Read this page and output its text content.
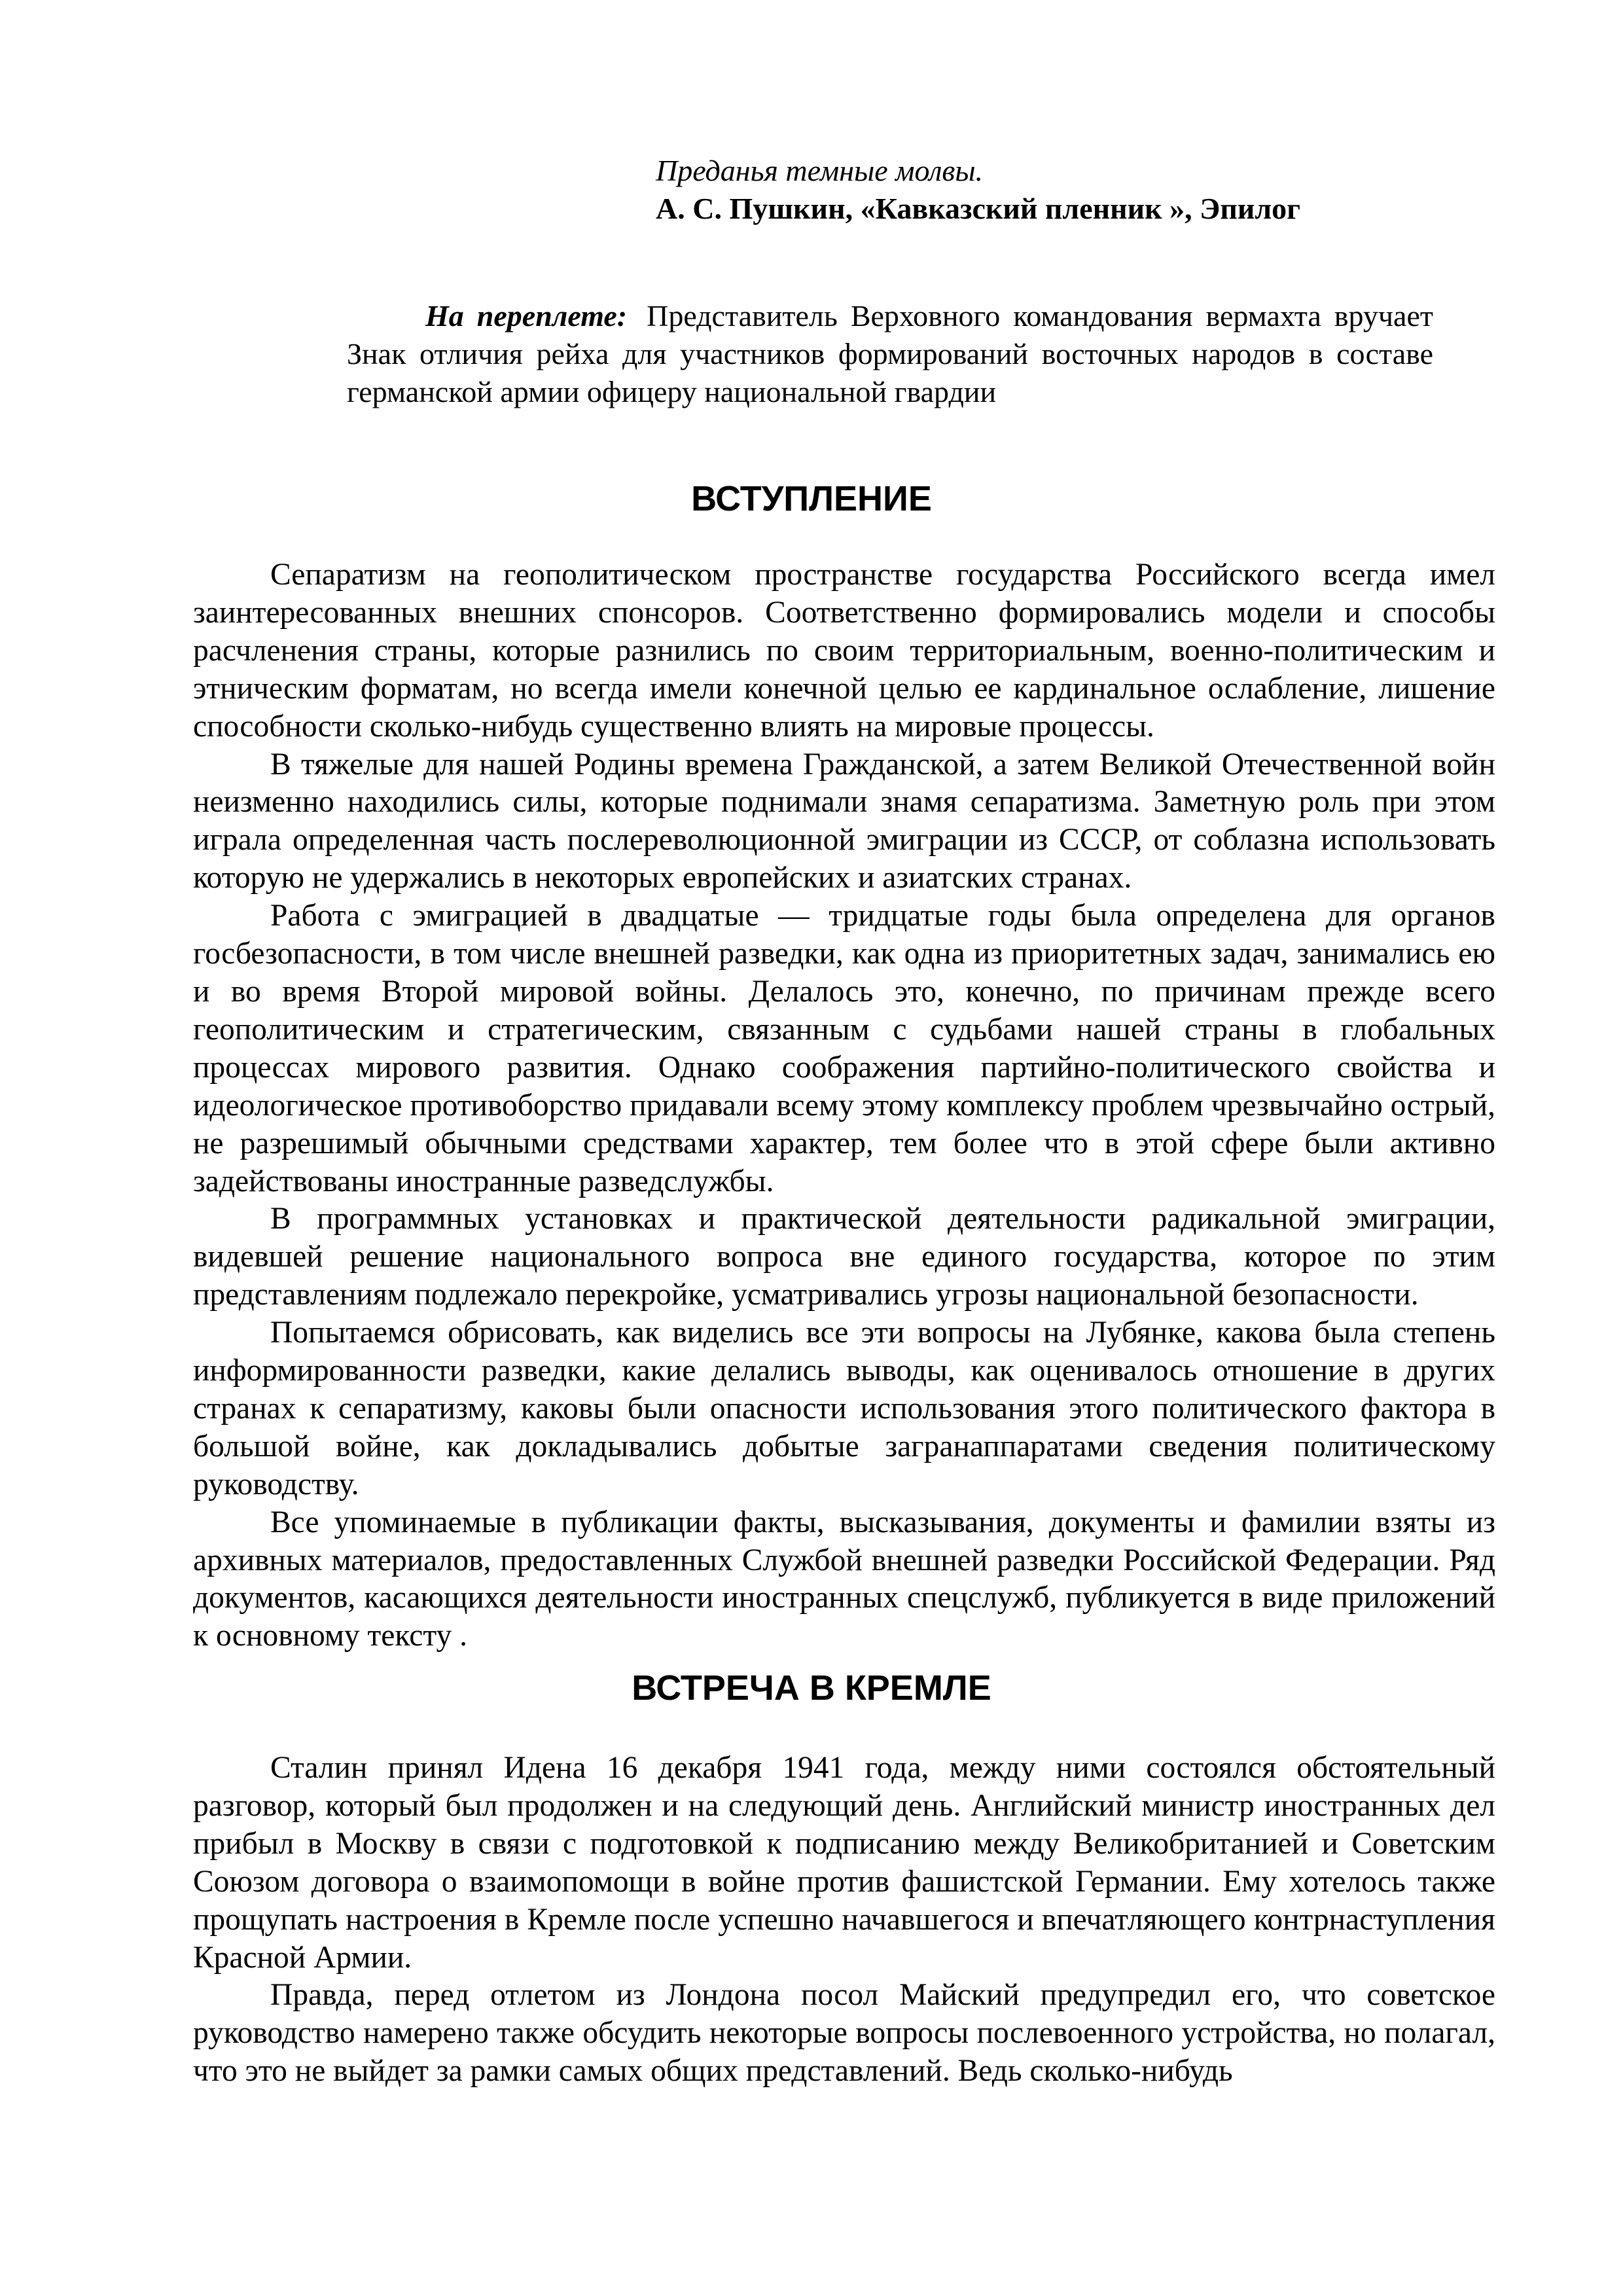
Преданья темные молвы.
А. С. Пушкин, «Кавказский пленник », Эпилог
На переплете: Представитель Верховного командования вермахта вручает Знак отличия рейха для участников формирований восточных народов в составе германской армии офицеру национальной гвардии
ВСТУПЛЕНИЕ

Сепаратизм на геополитическом пространстве государства Российского всегда имел заинтересованных внешних спонсоров. Соответственно формировались модели и способы расчленения страны, которые разнились по своим территориальным, военно-политическим и этническим форматам, но всегда имели конечной целью ее кардинальное ослабление, лишение способности сколько-нибудь существенно влиять на мировые процессы.

В тяжелые для нашей Родины времена Гражданской, а затем Великой Отечественной войн неизменно находились силы, которые поднимали знамя сепаратизма. Заметную роль при этом играла определенная часть послереволюционной эмиграции из СССР, от соблазна использовать которую не удержались в некоторых европейских и азиатских странах.

Работа с эмиграцией в двадцатые — тридцатые годы была определена для органов госбезопасности, в том числе внешней разведки, как одна из приоритетных задач, занимались ею и во время Второй мировой войны. Делалось это, конечно, по причинам прежде всего геополитическим и стратегическим, связанным с судьбами нашей страны в глобальных процессах мирового развития. Однако соображения партийно-политического свойства и идеологическое противоборство придавали всему этому комплексу проблем чрезвычайно острый, не разрешимый обычными средствами характер, тем более что в этой сфере были активно задействованы иностранные разведслужбы.

В программных установках и практической деятельности радикальной эмиграции, видевшей решение национального вопроса вне единого государства, которое по этим представлениям подлежало перекройке, усматривались угрозы национальной безопасности.

Попытаемся обрисовать, как виделись все эти вопросы на Лубянке, какова была степень информированности разведки, какие делались выводы, как оценивалось отношение в других странах к сепаратизму, каковы были опасности использования этого политического фактора в большой войне, как докладывались добытые загранаппаратами сведения политическому руководству.

Все упоминаемые в публикации факты, высказывания, документы и фамилии взяты из архивных материалов, предоставленных Службой внешней разведки Российской Федерации. Ряд документов, касающихся деятельности иностранных спецслужб, публикуется в виде приложений к основному тексту .

ВСТРЕЧА В КРЕМЛЕ

Сталин принял Идена 16 декабря 1941 года, между ними состоялся обстоятельный разговор, который был продолжен и на следующий день. Английский министр иностранных дел прибыл в Москву в связи с подготовкой к подписанию между Великобританией и Советским Союзом договора о взаимопомощи в войне против фашистской Германии. Ему хотелось также прощупать настроения в Кремле после успешно начавшегося и впечатляющего контрнаступления Красной Армии.

Правда, перед отлетом из Лондона посол Майский предупредил его, что советское руководство намерено также обсудить некоторые вопросы послевоенного устройства, но полагал, что это не выйдет за рамки самых общих представлений. Ведь сколько-нибудь
